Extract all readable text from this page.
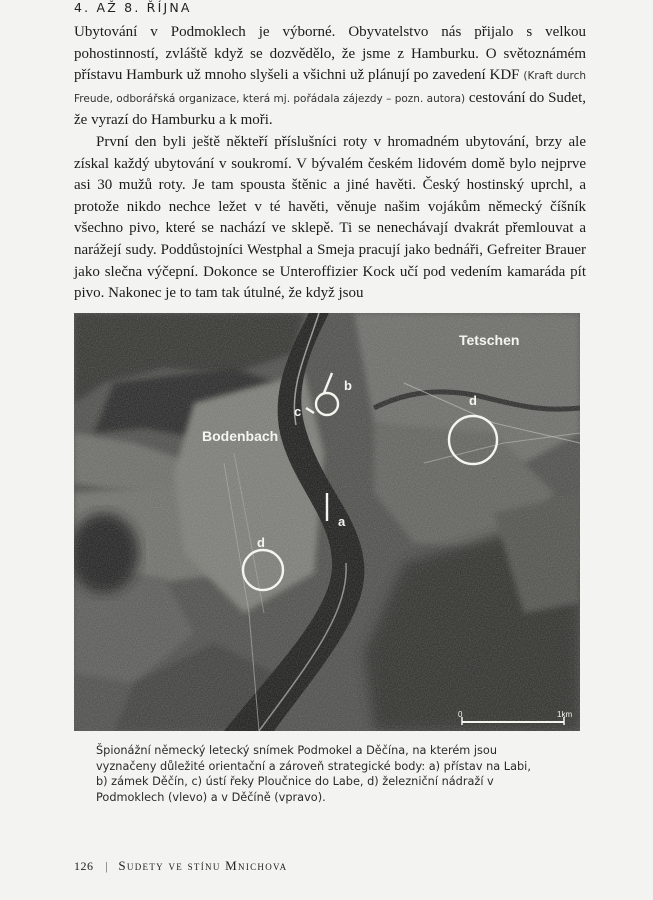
4. AŽ 8. ŘÍJNA

Ubytování v Podmoklech je výborné. Obyvatelstvo nás přijalo s velkou pohostinností, zvláště když se dozvědělo, že jsme z Hamburku. O světoznámém přístavu Hamburk už mnoho slyšeli a všichni už plánují po zavedení KDF (Kraft durch Freude, odborářská organizace, která mj. pořádala zájezdy – pozn. autora) cestování do Sudet, že vyrazí do Hamburku a k moři.

První den byli ještě někteří příslušníci roty v hromadném ubytování, brzy ale získal každý ubytování v soukromí. V bývalém českém lidovém domě bylo nejprve asi 30 mužů roty. Je tam spousta štěnic a jiné havěti. Český hostinský uprchl, a protože nikdo nechce ležet v té havěti, věnuje našim vojákům německý číšník všechno pivo, které se nachází ve sklepě. Ti se nenechávají dvakrát přemlouvat a narážejí sudy. Poddůstojníci Westphal a Smeja pracují jako bednáři, Gefreiter Brauer jako slečna výčepní. Dokonce se Unteroffizier Kock učí pod vedením kamaráda pít pivo. Nakonec je to tam tak útulné, že když jsou

a
b
c
d
d
Tetschen
Bodenbach
0	1km
Špionážní německý letecký snímek Podmokel a Děčína, na kterém jsou vyznačeny důležité orientační a zároveň strategické body: a) přístav na Labi, b) zámek Děčín, c) ústí řeky Ploučnice do Labe, d) železniční nádraží v Podmoklech (vlevo) a v Děčíně (vpravo).
126 | Sudety ve stínu Mnichova
